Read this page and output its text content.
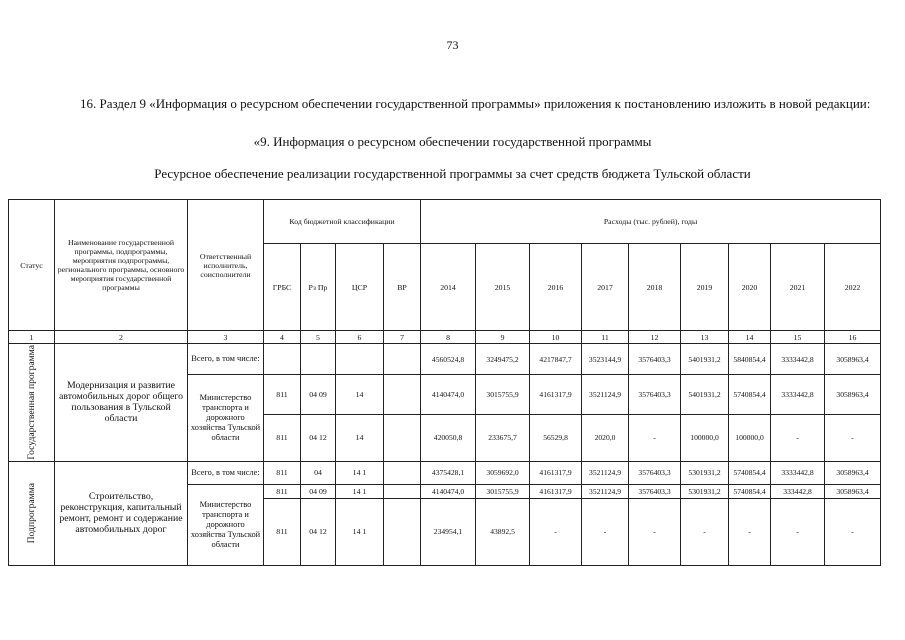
73
16. Раздел 9 «Информация о ресурсном обеспечении государственной программы» приложения к постановлению изложить в новой редакции:
«9. Информация о ресурсном обеспечении государственной программы
Ресурсное обеспечение реализации государственной программы за счет средств бюджета Тульской области
Статус	Наименование государственной программы, подпрограммы, мероприятия подпрограммы, регионального программы, основного мероприятия государственной программы	Ответственный исполнитель, соисполнители	Код бюджетной классификации				Расходы (тыс. рублей), годы								
			ГРБС	Рз Пр	ЦСР	ВР	2014	2015	2016	2017	2018	2019	2020	2021	2022
1	2	3	4	5	6	7	8	9	10	11	12	13	14	15	16

Государственная программа	Модернизация и развитие автомобильных дорог общего пользования в Тульской области	Всего, в том числе:					4560524,8	3249475,2	4217847,7	3523144,9	3576403,3	5401931,2	5840854,4	3333442,8	3058963,4
		Министерство транспорта и дорожного хозяйства Тульской области	811	04 09	14		4140474,0	3015755,9	4161317,9	3521124,9	3576403,3	5401931,2	5740854,4	3333442,8	3058963,4
			811	04 12	14		420050,8	233675,7	56529,8	2020,0	-	100000,0	100000,0	-	-

Подпрограмма	Строительство, реконструкция, капитальный ремонт, ремонт и содержание автомобильных дорог	Всего, в том числе:	811	04	14 1		4375428,1	3059692,0	4161317,9	3521124,9	3576403,3	5301931,2	5740854,4	3333442,8	3058963,4
		Министерство транспорта и дорожного хозяйства Тульской области	811	04 09	14 1		4140474,0	3015755,9	4161317,9	3521124,9	3576403,3	5301931,2	5740854,4	333442,8	3058963,4
			811	04 12	14 1		234954,1	43892,5	-	-	-	-	-	-	-
